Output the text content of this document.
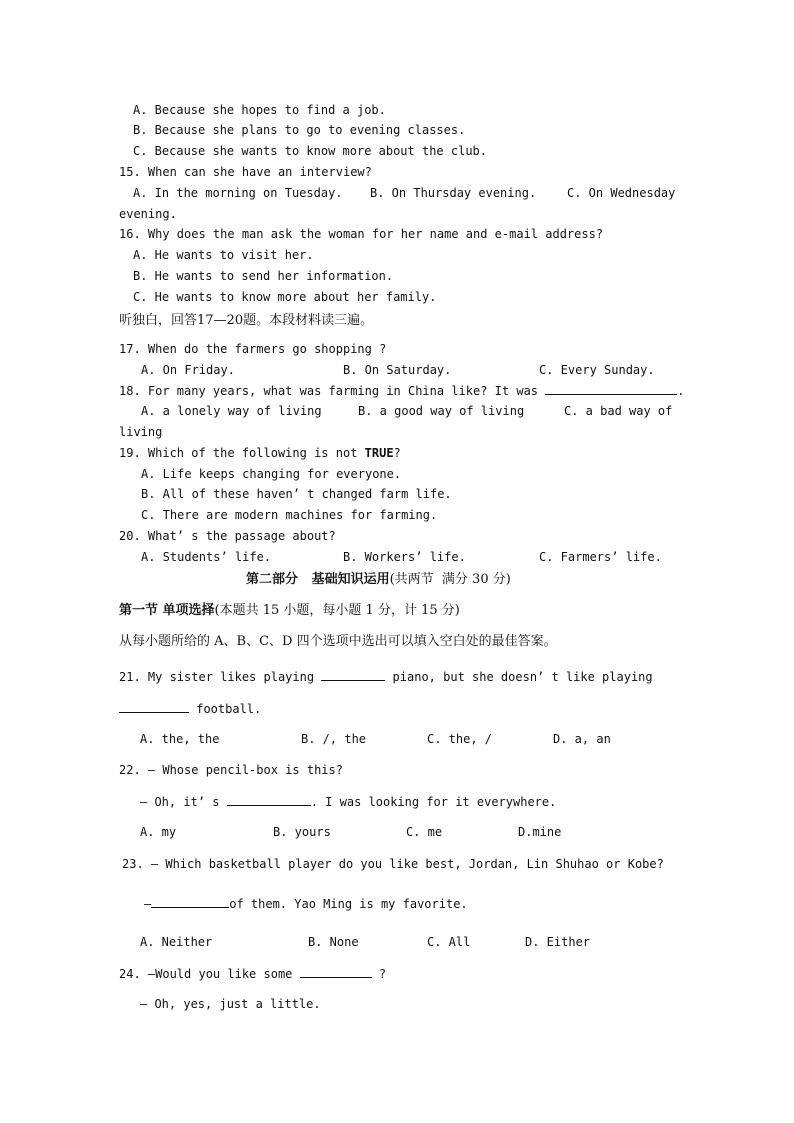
A. Because she hopes to find a job.
B. Because she plans to go to evening classes.
C. Because she wants to know more about the club.
15. When can she have an interview?
A. In the morning on Tuesday. B. On Thursday evening.	C. On Wednesday
evening.
16. Why does the man ask the woman for her name and e-mail address?
A. He wants to visit her.
B. He wants to send her information.
C. He wants to know more about her family.
听独白，回答17—20题。本段材料读三遍。
17. When do the farmers go shopping ?
A. On Friday.	B. On Saturday.	C. Every Sunday.
18. For many years, what was farming in China like? It was	.
A. a lonely way of living	B. a good way of living	C. a bad way of
living
19. Which of the following is not TRUE?
A. Life keeps changing for everyone.
B. All of these haven’ t changed farm life.
C. There are modern machines for farming.
20. What’ s the passage about?
A. Students’ life.	B. Workers’ life.	C. Farmers’ life.
第二部分   基础知识运用(共两节  满分 30 分)
第一节 单项选择(本题共 15 小题，每小题 1 分，计 15 分)
从每小题所给的 A、B、C、D 四个选项中选出可以填入空白处的最佳答案。
21. My sister likes playing	piano, but she doesn’ t like playing
football.
A. the, the	B. /, the	C. the, /	D. a, an
22. — Whose pencil-box is this?
— Oh, it’ s	. I was looking for it everywhere.
A. my	B. yours	C. me	D.mine
23. — Which basketball player do you like best, Jordan, Lin Shuhao or Kobe?
—	of them. Yao Ming is my favorite.
A. Neither	B. None	C. All	D. Either
24. —Would you like some	?
— Oh, yes, just a little.
